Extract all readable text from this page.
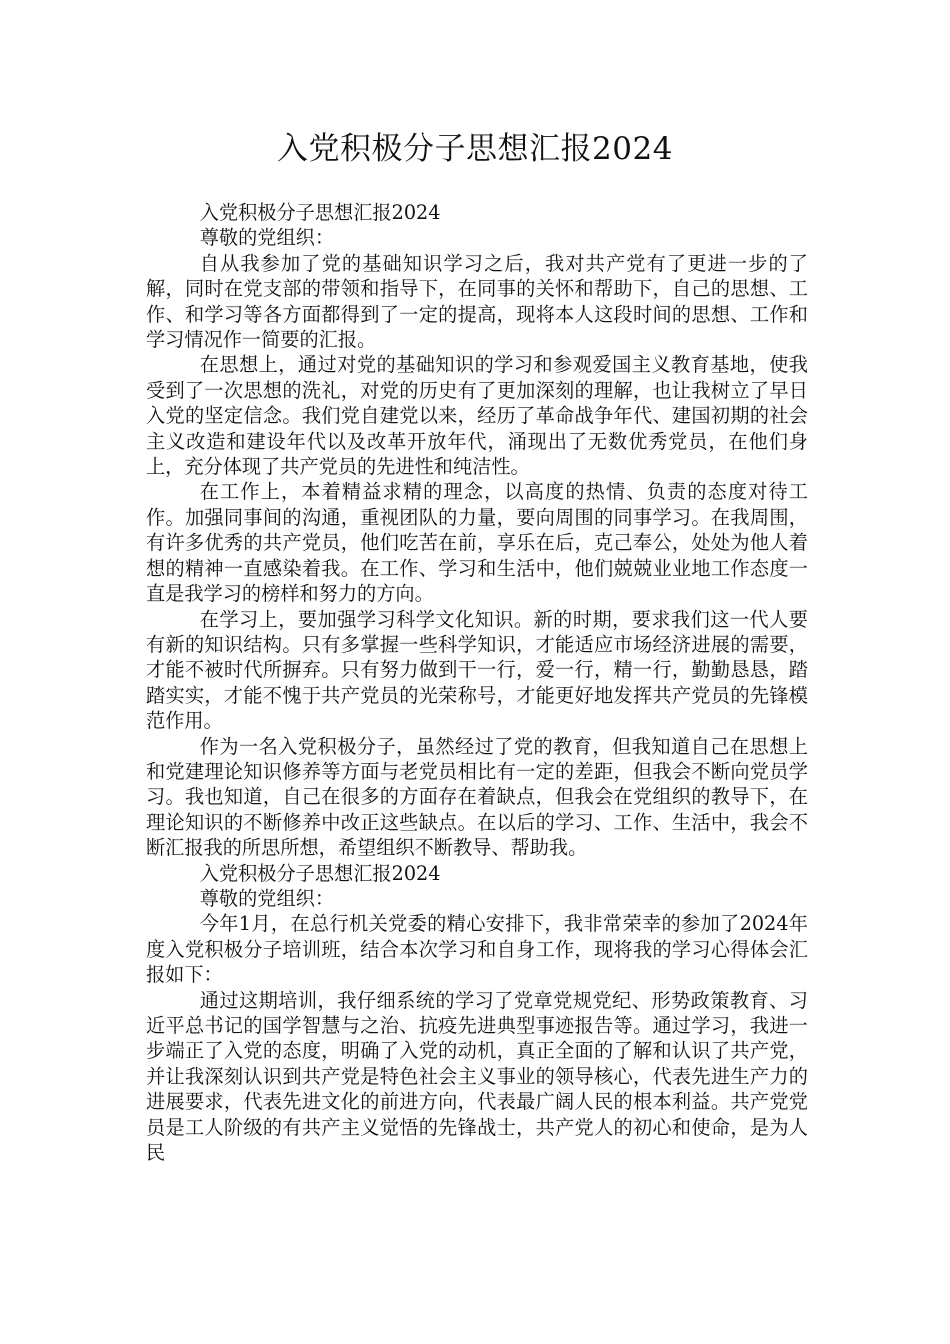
入党积极分子思想汇报2024

入党积极分子思想汇报2024

尊敬的党组织：

自从我参加了党的基础知识学习之后，我对共产党有了更进一步的了解，同时在党支部的带领和指导下，在同事的关怀和帮助下，自己的思想、工作、和学习等各方面都得到了一定的提高，现将本人这段时间的思想、工作和学习情况作一简要的汇报。

在思想上，通过对党的基础知识的学习和参观爱国主义教育基地，使我受到了一次思想的洗礼，对党的历史有了更加深刻的理解，也让我树立了早日入党的坚定信念。我们党自建党以来，经历了革命战争年代、建国初期的社会主义改造和建设年代以及改革开放年代，涌现出了无数优秀党员，在他们身上，充分体现了共产党员的先进性和纯洁性。

在工作上，本着精益求精的理念，以高度的热情、负责的态度对待工作。加强同事间的沟通，重视团队的力量，要向周围的同事学习。在我周围，有许多优秀的共产党员，他们吃苦在前，享乐在后，克己奉公，处处为他人着想的精神一直感染着我。在工作、学习和生活中，他们兢兢业业地工作态度一直是我学习的榜样和努力的方向。

在学习上，要加强学习科学文化知识。新的时期，要求我们这一代人要有新的知识结构。只有多掌握一些科学知识，才能适应市场经济进展的需要，才能不被时代所摒弃。只有努力做到干一行，爱一行，精一行，勤勤恳恳，踏踏实实，才能不愧于共产党员的光荣称号，才能更好地发挥共产党员的先锋模范作用。

作为一名入党积极分子，虽然经过了党的教育，但我知道自己在思想上和党建理论知识修养等方面与老党员相比有一定的差距，但我会不断向党员学习。我也知道，自己在很多的方面存在着缺点，但我会在党组织的教导下，在理论知识的不断修养中改正这些缺点。在以后的学习、工作、生活中，我会不断汇报我的所思所想，希望组织不断教导、帮助我。

入党积极分子思想汇报2024

尊敬的党组织：

今年1月，在总行机关党委的精心安排下，我非常荣幸的参加了2024年度入党积极分子培训班，结合本次学习和自身工作，现将我的学习心得体会汇报如下：

通过这期培训，我仔细系统的学习了党章党规党纪、形势政策教育、习近平总书记的国学智慧与之治、抗疫先进典型事迹报告等。通过学习，我进一步端正了入党的态度，明确了入党的动机，真正全面的了解和认识了共产党，并让我深刻认识到共产党是特色社会主义事业的领导核心，代表先进生产力的进展要求，代表先进文化的前进方向，代表最广阔人民的根本利益。共产党党员是工人阶级的有共产主义觉悟的先锋战士，共产党人的初心和使命，是为人民
